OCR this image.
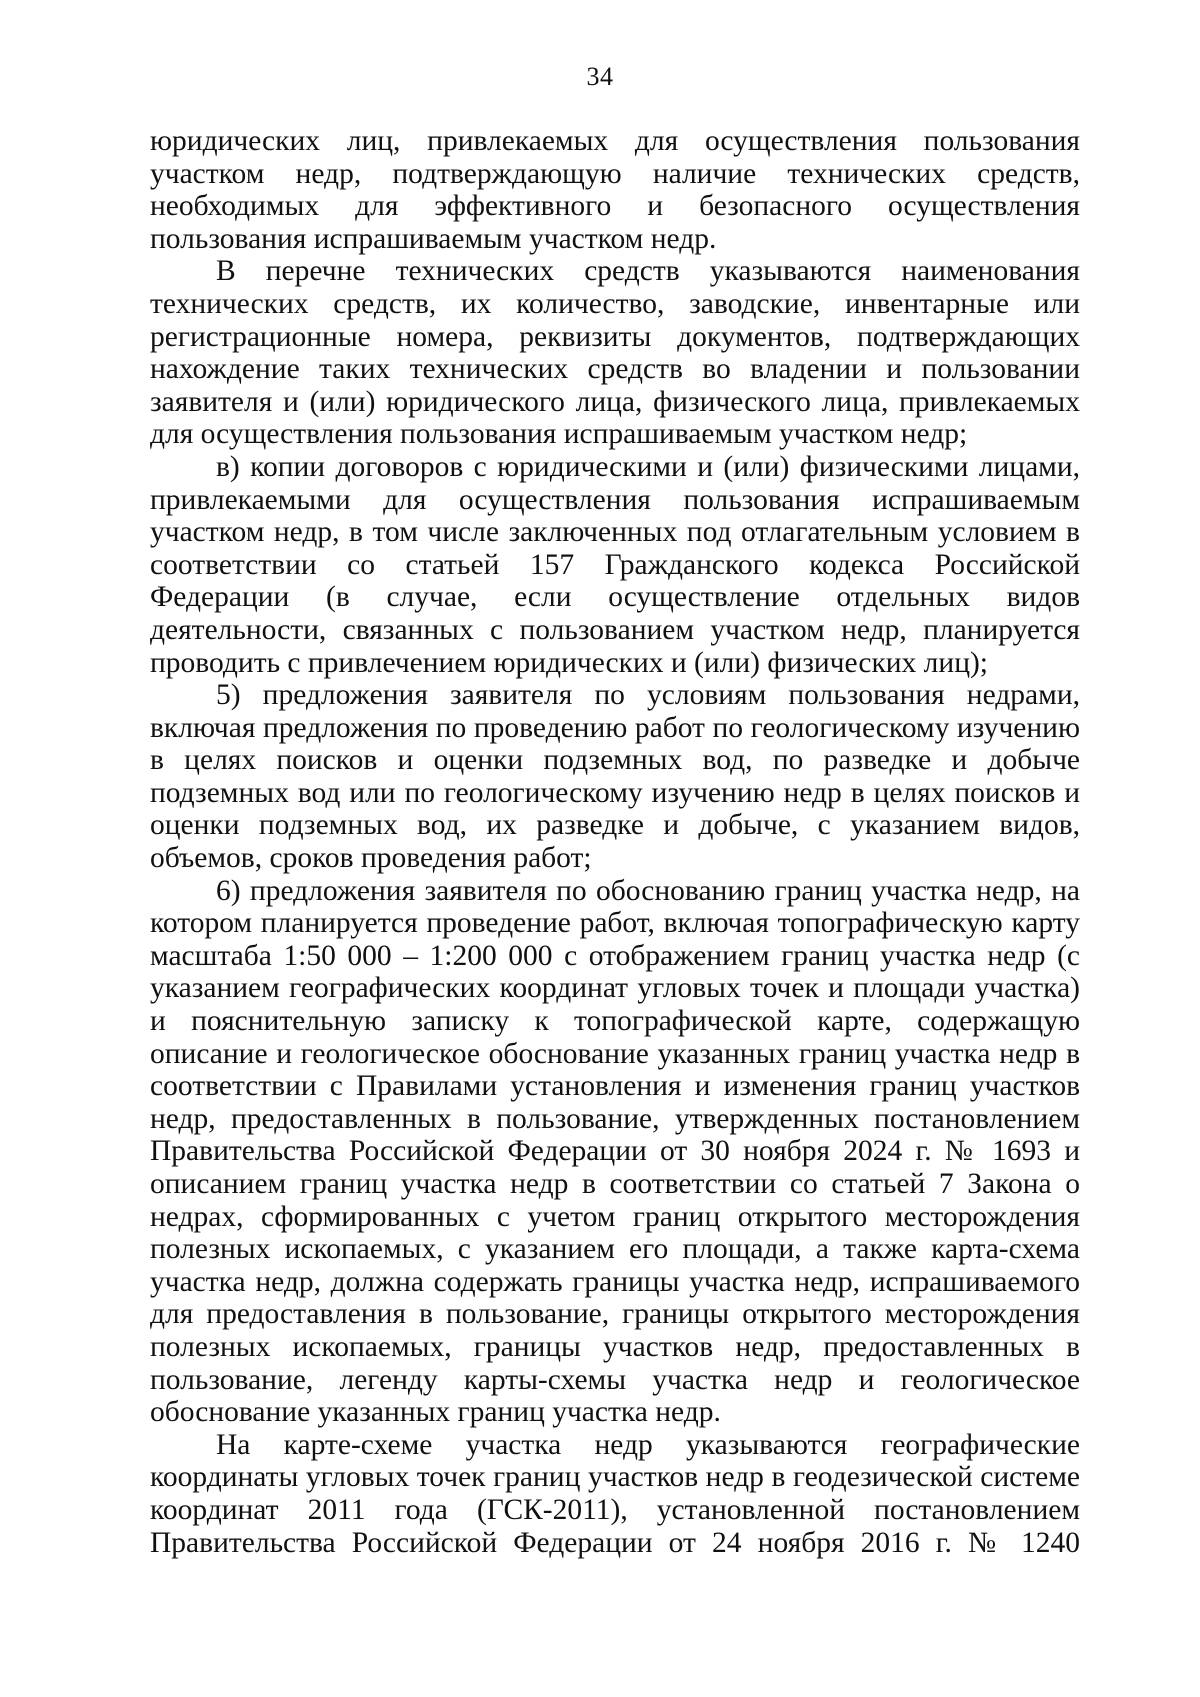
34

юридических лиц, привлекаемых для осуществления пользования участком недр, подтверждающую наличие технических средств, необходимых для эффективного и безопасного осуществления пользования испрашиваемым участком недр.

В перечне технических средств указываются наименования технических средств, их количество, заводские, инвентарные или регистрационные номера, реквизиты документов, подтверждающих нахождение таких технических средств во владении и пользовании заявителя и (или) юридического лица, физического лица, привлекаемых для осуществления пользования испрашиваемым участком недр;

в) копии договоров с юридическими и (или) физическими лицами, привлекаемыми для осуществления пользования испрашиваемым участком недр, в том числе заключенных под отлагательным условием в соответствии со статьей 157 Гражданского кодекса Российской Федерации (в случае, если осуществление отдельных видов деятельности, связанных с пользованием участком недр, планируется проводить с привлечением юридических и (или) физических лиц);

5) предложения заявителя по условиям пользования недрами, включая предложения по проведению работ по геологическому изучению в целях поисков и оценки подземных вод, по разведке и добыче подземных вод или по геологическому изучению недр в целях поисков и оценки подземных вод, их разведке и добыче, с указанием видов, объемов, сроков проведения работ;

6) предложения заявителя по обоснованию границ участка недр, на котором планируется проведение работ, включая топографическую карту масштаба 1:50 000 – 1:200 000 с отображением границ участка недр (с указанием географических координат угловых точек и площади участка) и пояснительную записку к топографической карте, содержащую описание и геологическое обоснование указанных границ участка недр в соответствии с Правилами установления и изменения границ участков недр, предоставленных в пользование, утвержденных постановлением Правительства Российской Федерации от 30 ноября 2024 г. № 1693 и описанием границ участка недр в соответствии со статьей 7 Закона о недрах, сформированных с учетом границ открытого месторождения полезных ископаемых, с указанием его площади, а также карта-схема участка недр, должна содержать границы участка недр, испрашиваемого для предоставления в пользование, границы открытого месторождения полезных ископаемых, границы участков недр, предоставленных в пользование, легенду карты-схемы участка недр и геологическое обоснование указанных границ участка недр.

На карте-схеме участка недр указываются географические координаты угловых точек границ участков недр в геодезической системе координат 2011 года (ГСК-2011), установленной постановлением Правительства Российской Федерации от 24 ноября 2016 г. № 1240
